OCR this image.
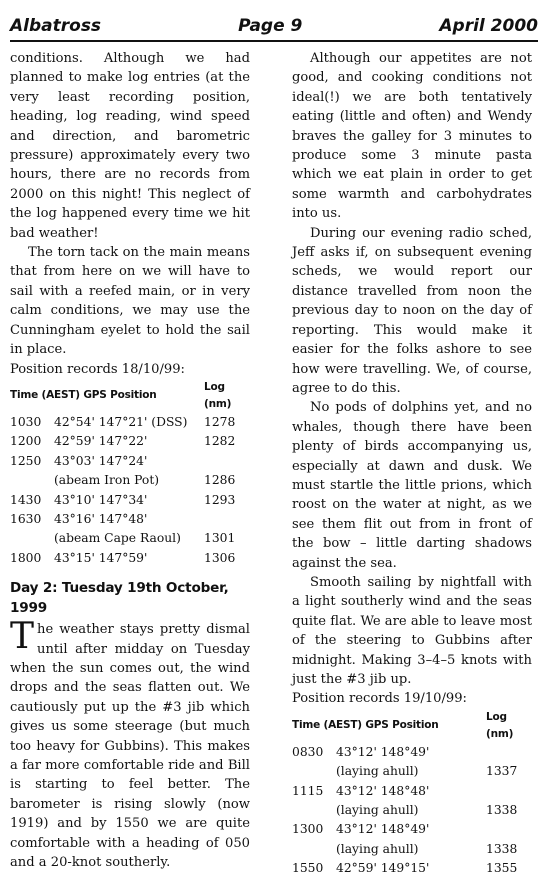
Albatross	Page 9	April 2000

conditions. Although we had planned to make log entries (at the very least recording position, heading, log reading, wind speed and direction, and barometric pressure) approximately every two hours, there are no records from 2000 on this night! This neglect of the log happened every time we hit bad weather!

The torn tack on the main means that from here on we will have to sail with a reefed main, or in very calm conditions, we may use the Cunningham eyelet to hold the sail in place.

Position records 18/10/99:

Time (AEST) GPS Position		Log (nm)
1030	42°54' 147°21' (DSS)	1278
1200	42°59' 147°22'	1282
1250	43°03' 147°24'	
	(abeam Iron Pot)	1286
1430	43°10' 147°34'	1293
1630	43°16' 147°48'	
	(abeam Cape Raoul)	1301
1800	43°15' 147°59'	1306
Day 2: Tuesday 19th October, 1999

The weather stays pretty dismal until after midday on Tuesday when the sun comes out, the wind drops and the seas flatten out. We cautiously put up the #3 jib which gives us some steerage (but much too heavy for Gubbins). This makes a far more comfortable ride and Bill is starting to feel better. The barometer is rising slowly (now 1919) and by 1550 we are quite comfortable with a heading of 050 and a 20-knot southerly.

Although our appetites are not good, and cooking conditions not ideal(!) we are both tentatively eating (little and often) and Wendy braves the galley for 3 minutes to produce some 3 minute pasta which we eat plain in order to get some warmth and carbohydrates into us.

During our evening radio sched, Jeff asks if, on subsequent evening scheds, we would report our distance travelled from noon the previous day to noon on the day of reporting. This would make it easier for the folks ashore to see how were travelling. We, of course, agree to do this.

No pods of dolphins yet, and no whales, though there have been plenty of birds accompanying us, especially at dawn and dusk. We must startle the little prions, which roost on the water at night, as we see them flit out from in front of the bow – little darting shadows against the sea.

Smooth sailing by nightfall with a light southerly wind and the seas quite flat. We are able to leave most of the steering to Gubbins after midnight. Making 3–4–5 knots with just the #3 jib up.

Position records 19/10/99:

Time (AEST) GPS Position		Log (nm)
0830	43°12' 148°49'	
	(laying ahull)	1337
1115	43°12' 148°48'	
	(laying ahull)	1338
1300	43°12' 148°49'	
	(laying ahull)	1338
1550	42°59' 149°15'	1355
